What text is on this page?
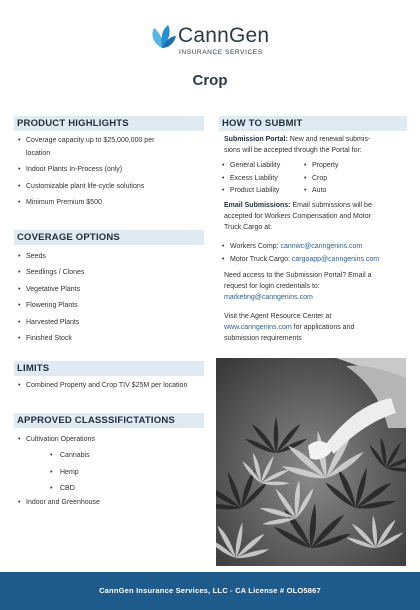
CannGen
INSURANCE SERVICES
Crop
PRODUCT HIGHLIGHTS
• Coverage capacity up to $25,000,000 per
location
• Indoor Plants In-Process (only)
• Customizable plant life-cycle solutions
• Minimum Premium $500
COVERAGE OPTIONS
• Seeds
• Seedlings / Clones
• Vegetative Plants
• Flowering Plants
• Harvested Plants
• Finished Stock
LIMITS
• Combined Property and Crop TIV $25M per location
APPROVED CLASSSIFICTATIONS
• Cultivation Operations
• Cannabis
• Hemp
• CBD
• Indoor and Greenhouse
HOW TO SUBMIT
Submission Portal: New and renewal submis-
sions will be accepted through the Portal for:
• General Liability
• Excess Liability
• Product Liability
• Property
• Crop
• Auto
Email Submissions: Email submissions will be
accepted for Workers Compensation and Motor
Truck Cargo at:
• Workers Comp: cannwc@canngenins.com
• Motor Truck Cargo: cargoapp@canngenins.com
Need access to the Submission Portal? Email a
request for login credentials to:
marketing@canngenins.com
Visit the Agent Resource Center at
www.canngenins.com for applications and
submission requirements
CannGen Insurance Services, LLC - CA License # OLO5867
